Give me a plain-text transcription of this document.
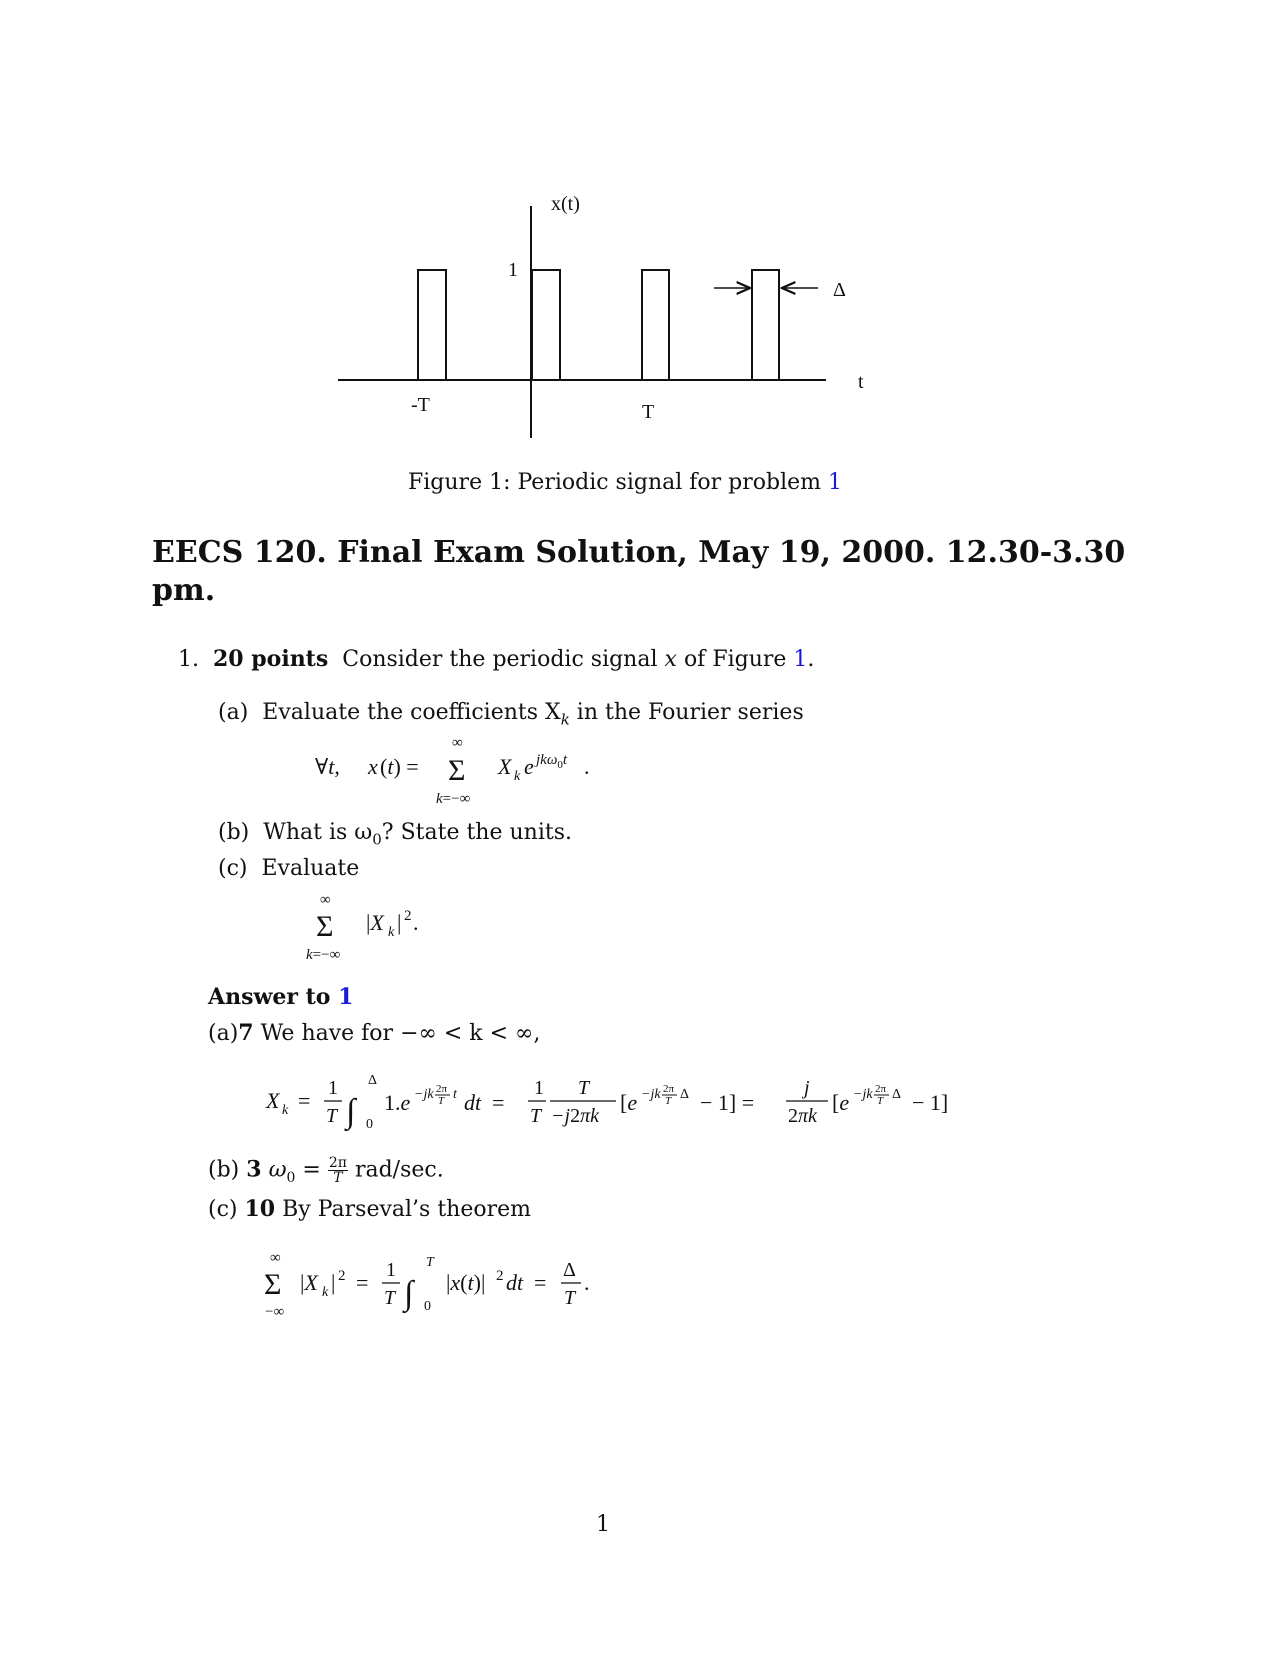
x(t)
1
Δ
t
-T	T
Figure 1: Periodic signal for problem 1
EECS 120. Final Exam Solution, May 19, 2000. 12.30-3.30 pm.
1. 20 points Consider the periodic signal x of Figure 1.
(a) Evaluate the coefficients $X_k$ in the Fourier series
∀t, x (t) =
∞
Σ
k=−∞
X k e jkω$_0$t .
(b) What is $\omega_0$? State the units.
(c) Evaluate
∞
Σ
k=−∞
|X k | 2 .
Answer to 1
(a)7 We have for −∞ < k < ∞,
X k = 1
T ∫
Δ
0
1.e −jk 2π
T t dt =
1
T
T
−j2πk
[e −jk 2π
T Δ − 1] =
j
2πk
[e −jk 2π
T Δ − 1]
(b) 3 $\omega_0 = \frac{2\pi}{T} rad/\sec$.
(c) 10 By Parseval’s theorem
∞
Σ
−∞
|X k | 2 = 1
T ∫
T
0
|x(t)| 2 dt = Δ
T
.
1
